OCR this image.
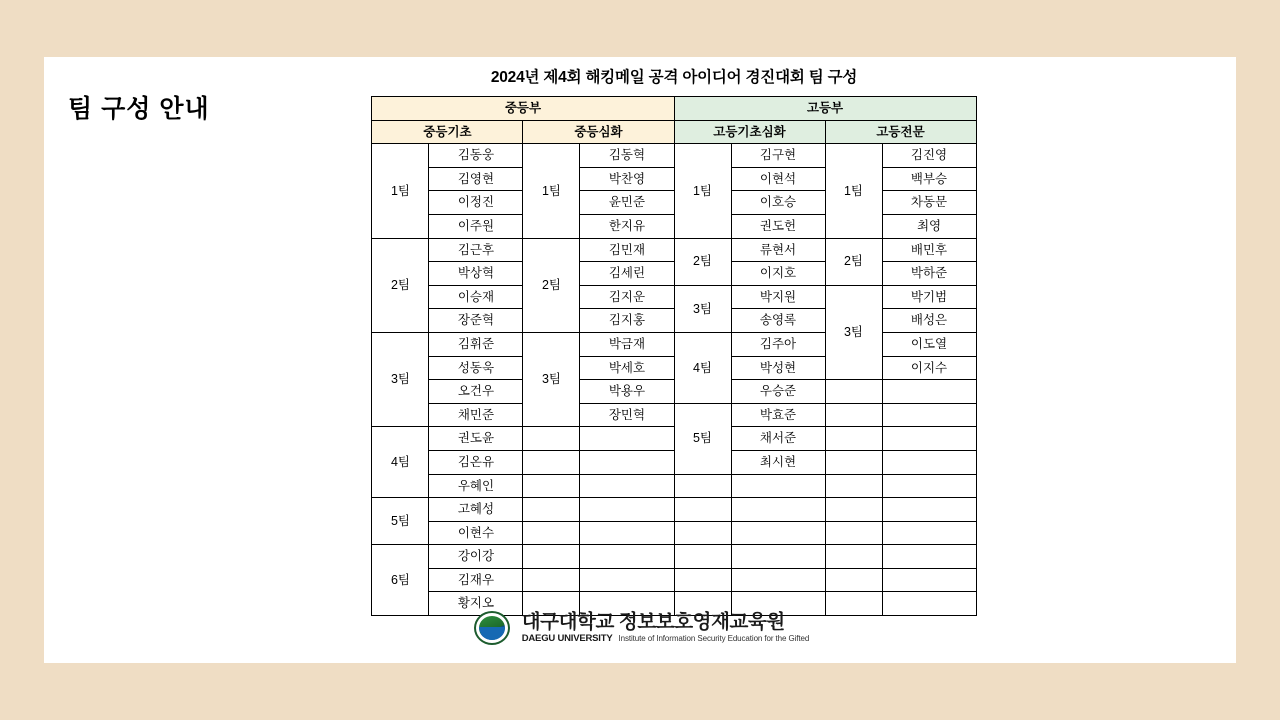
팀 구성 안내
2024년 제4회 해킹메일 공격 아이디어 경진대회 팀 구성
중등부				고등부			
중등기초		중등심화		고등기초심화		고등전문	
1팀	김동웅	1팀	김동혁	1팀	김구현	1팀	김진영
	김영현		박찬영		이현석		백부승
	이정진		윤민준		이호승		차동문
	이주원		한지유		권도헌		최영
2팀	김근후	2팀	김민재	2팀	류현서	2팀	배민후
	박상혁		김세린		이지호		박하준
	이승재		김지운	3팀	박지원	3팀	박기범
	장준혁		김지홍		송영록		배성은
3팀	김휘준	3팀	박금재	4팀	김주아		이도열
	성동욱		박세호		박성현		이지수
	오건우		박용우		우승준		
	채민준		장민혁	5팀	박효준		
4팀	권도윤				채서준		
	김온유				최시현		
	우혜인						
5팀	고혜성						
	이현수						
6팀	강이강						
	김재우						
	황지오						
대구대학교 정보보호영재교육원
DAEGU UNIVERSITY Institute of Information Security Education for the Gifted
